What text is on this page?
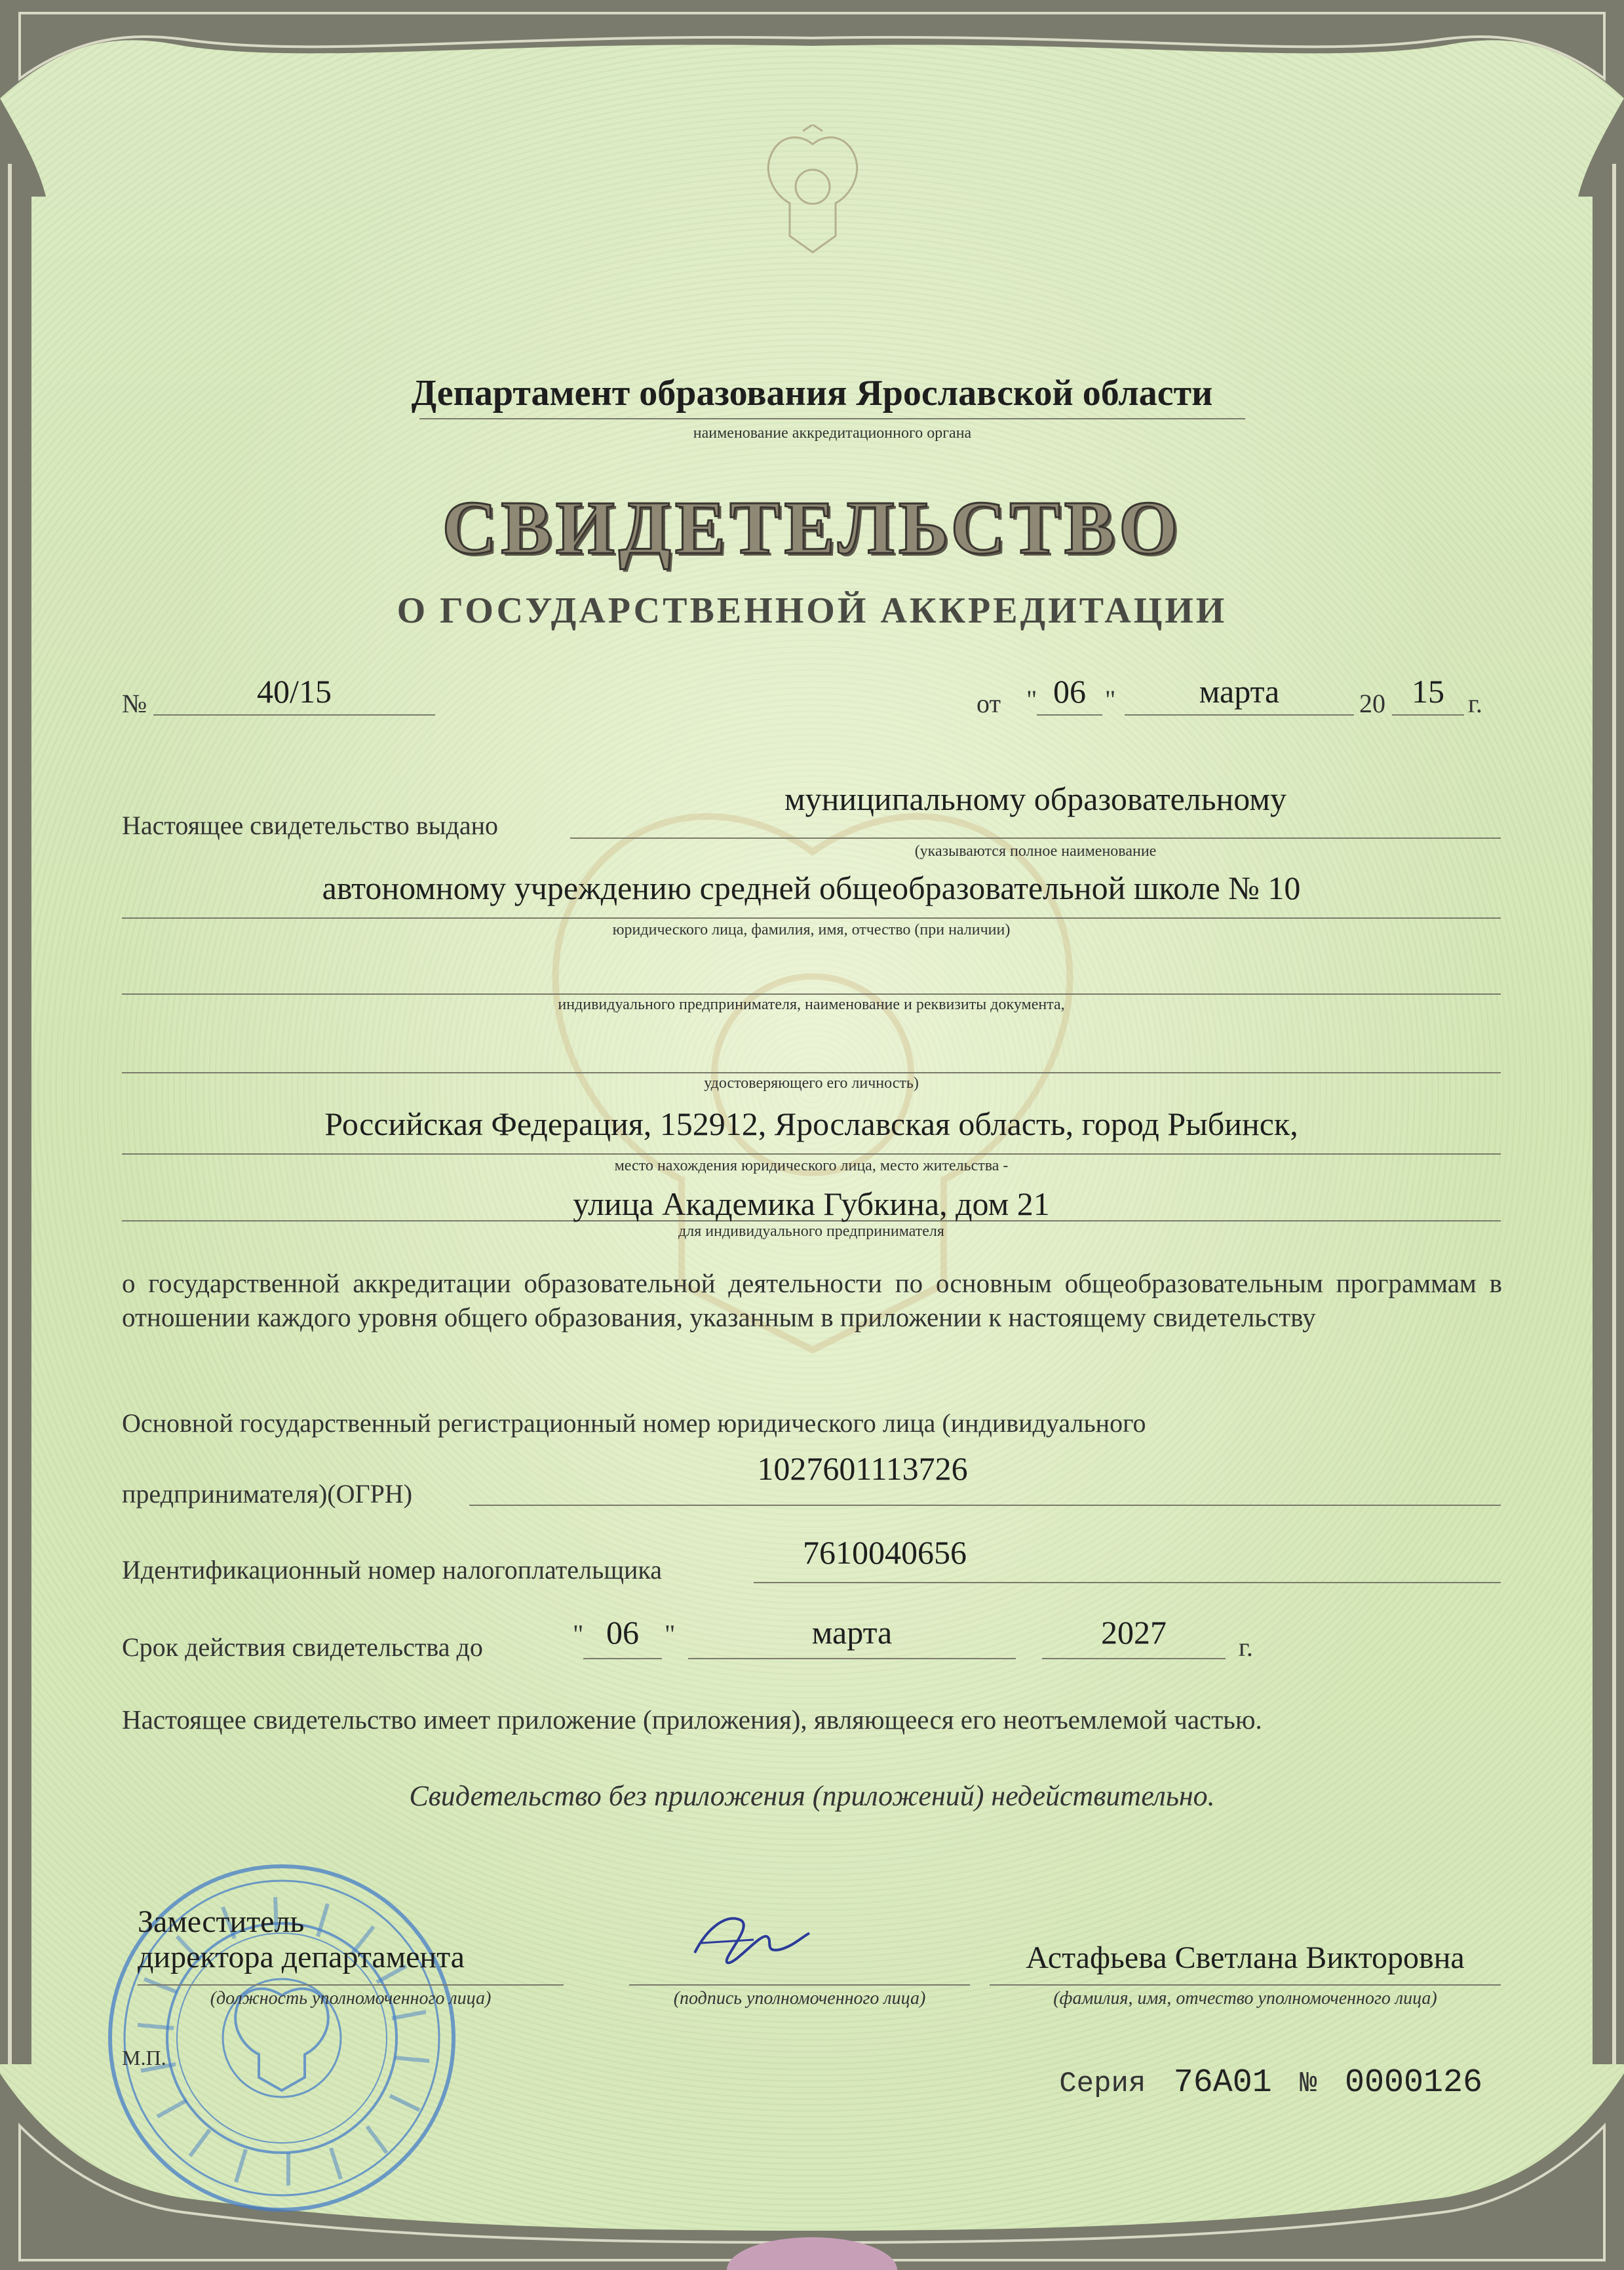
Департамент образования Ярославской области
наименование аккредитационного органа
СВИДЕТЕЛЬСТВО
О ГОСУДАРСТВЕННОЙ АККРЕДИТАЦИИ
№	40/15	от " 06 "	марта	20 15 г.
Настоящее свидетельство выдано
муниципальному образовательному
(указываются полное наименование
автономному учреждению средней общеобразовательной школе № 10
юридического лица, фамилия, имя, отчество (при наличии)
индивидуального предпринимателя, наименование и реквизиты документа,
удостоверяющего его личность)
Российская Федерация, 152912, Ярославская область, город Рыбинск,
место нахождения юридического лица, место жительства -
улица Академика Губкина, дом 21
для индивидуального предпринимателя
о государственной аккредитации образовательной деятельности по основным общеобразовательным программам в отношении каждого уровня общего образования, указанным в приложении к настоящему свидетельству
Основной государственный регистрационный номер юридического лица (индивидуального
предпринимателя)(ОГРН)
1027601113726
Идентификационный номер налогоплательщика	7610040656
Срок действия свидетельства до	" 06 "	марта	2027	г.
Настоящее свидетельство имеет приложение (приложения), являющееся его неотъемлемой частью.
Свидетельство без приложения (приложений) недействительно.
Заместитель
директора департамента
(должность уполномоченного лица)	(подпись уполномоченного лица)
Астафьева Светлана Викторовна
(фамилия, имя, отчество уполномоченного лица)
М.П.
Серия 76А01 № 0000126
